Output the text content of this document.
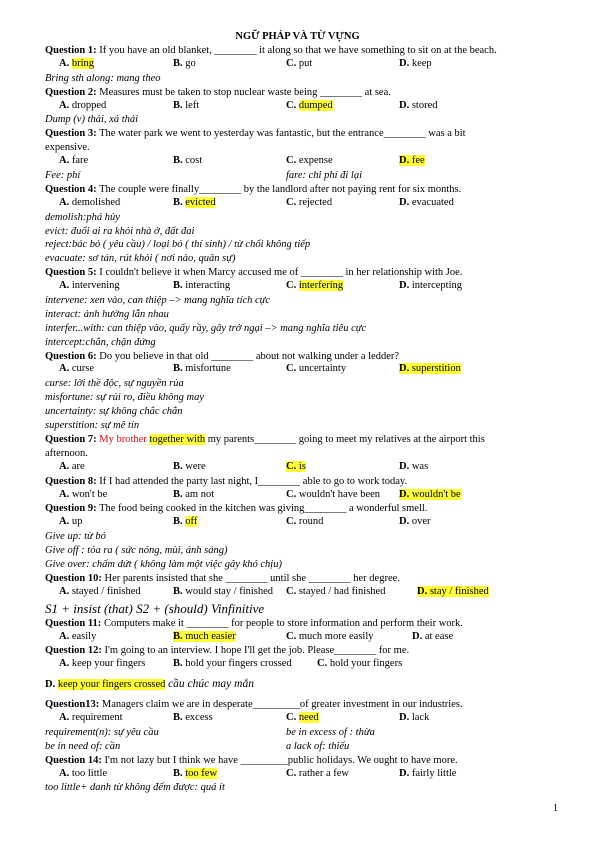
NGỮ PHÁP VÀ TỪ VỰNG
Question 1: If you have an old blanket, ________ it along so that we have something to sit on at the beach.
A. bring	B. go	C. put	D. keep
Bring sth along: mang theo
Question 2: Measures must be taken to stop nuclear waste being ________ at sea.
A. dropped	B. left	C. dumped	D. stored
Dump (v) thải, xả thải
Question 3: The water park we went to yesterday was fantastic, but the entrance________ was a bit
expensive.
A. fare	B. cost	C. expense	D. fee
Fee: phí	fare: chi phí đi lại
Question 4: The couple were finally________ by the landlord after not paying rent for six months.
A. demolished	B. evicted	C. rejected	D. evacuated
demolish:phá hủy
evict: đuổi ai ra khỏi nhà ở, đất đai
reject:bác bỏ ( yêu cầu) / loại bỏ ( thí sinh) / từ chối không tiếp
evacuate: sơ tán, rút khỏi ( nơi nào, quân sự)
Question 5: I couldn't believe it when Marcy accused me of ________ in her relationship with Joe.
A. intervening	B. interacting	C. interfering	D. intercepting
intervene: xen vào, can thiệp –> mang nghĩa tích cực
interact: ảnh hưởng lẫn nhau
interfer...with: can thiệp vào, quấy rầy, gây trở ngại –> mang nghĩa tiêu cực
intercept:chắn, chặn đứng
Question 6: Do you believe in that old ________ about not walking under a ledder?
A. curse	B. misfortune	C. uncertainty	D. superstition
curse: lời thề độc, sự nguyền rủa
misfortune: sự rủi ro, điều không may
uncertainty: sự không chắc chắn
superstition: sự mê tín
Question 7: My brother together with my parents________ going to meet my relatives at the airport this
afternoon.
A. are	B. were	C. is	D. was
Question 8: If I had attended the party last night, I________ able to go to work today.
A. won't be	B. am not	C. wouldn't have been D. wouldn't be
Question 9: The food being cooked in the kitchen was giving________ a wonderful smell.
A. up	B. off	C. round	D. over
Give up: từ bỏ
Give off : tỏa ra ( sức nóng, mùi, ánh sáng)
Give over: chấm dứt ( không làm một việc gây khó chịu)
Question 10: Her parents insisted that she ________ until she ________ her degree.
A. stayed / finished	B. would stay / finished C. stayed / had finished	D. stay / finished
S1 + insist (that) S2 + (should) Vinfinitive
Question 11: Computers make it ________ for people to store information and perform their work.
A. easily	B. much easier	C. much more easily	D. at ease
Question 12: I'm going to an interview. I hope I'll get the job. Please________ for me.
A. keep your fingers	B. hold your fingers crossed C. hold your fingers
D. keep your fingers crossed cầu chúc may mắn
Question13: Managers claim we are in desperate_________of greater investment in our industries.
A. requirement	B. excess	C. need	D. lack
requirement(n): sự yêu cầu	be in excess of : thừa
be in need of: cần	a lack of: thiếu
Question 14: I'm not lazy but I think we have _________public holidays. We ought to have more.
A. too little	B. too few	C. rather a few	D. fairly little
too little+ danh từ không đếm được: quá ít
1
